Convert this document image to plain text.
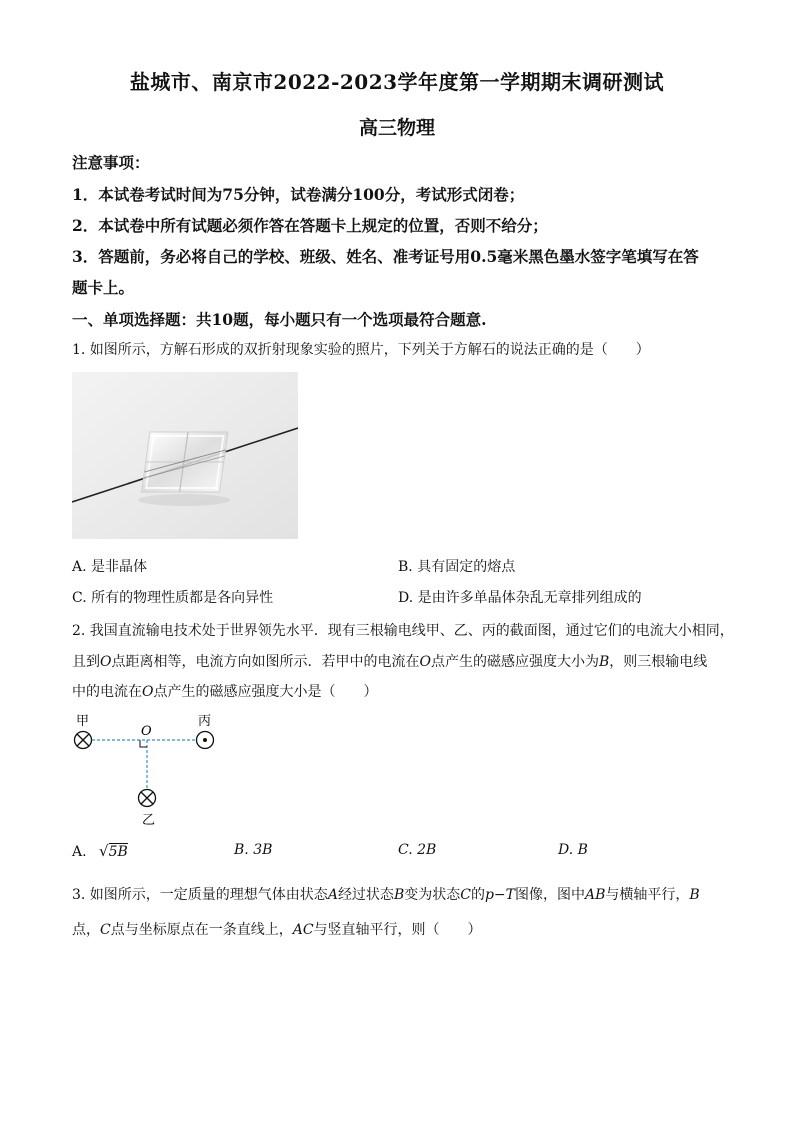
盐城市、南京市2022-2023学年度第一学期期末调研测试
高三物理
注意事项：
1．本试卷考试时间为75分钟，试卷满分100分，考试形式闭卷；
2．本试卷中所有试题必须作答在答题卡上规定的位置，否则不给分；
3．答题前，务必将自己的学校、班级、姓名、准考证号用0.5毫米黑色墨水签字笔填写在答
题卡上。
一、单项选择题：共10题，每小题只有一个选项最符合题意.
1. 如图所示，方解石形成的双折射现象实验的照片，下列关于方解石的说法正确的是（　　）
A. 是非晶体	B. 具有固定的熔点
C. 所有的物理性质都是各向异性	D. 是由许多单晶体杂乱无章排列组成的
2. 我国直流输电技术处于世界领先水平．现有三根输电线甲、乙、丙的截面图，通过它们的电流大小相同，
且到O点距离相等，电流方向如图所示．若甲中的电流在O点产生的磁感应强度大小为B，则三根输电线
中的电流在O点产生的磁感应强度大小是（　　）
甲	丙
O
乙
A. √5B	B. 3B	C. 2B	D. B
3. 如图所示，一定质量的理想气体由状态A经过状态B变为状态C的p−T图像，图中AB与横轴平行，B
点，C点与坐标原点在一条直线上，AC与竖直轴平行，则（　　）
